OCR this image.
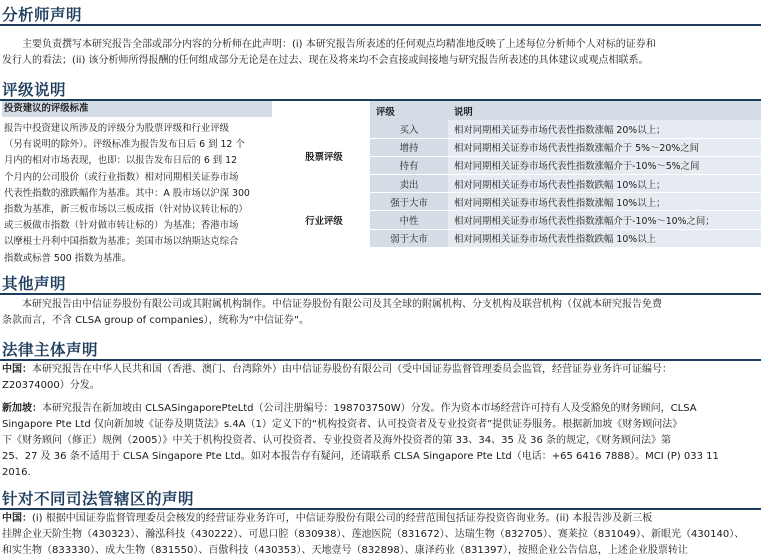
分析师声明
主要负责撰写本研究报告全部或部分内容的分析师在此声明：(i) 本研究报告所表述的任何观点均精准地反映了上述每位分析师个人对标的证券和
发行人的看法；(ii) 该分析师所得报酬的任何组成部分无论是在过去、现在及将来均不会直接或间接地与研究报告所表述的具体建议或观点相联系。
评级说明
投资建议的评级标准
报告中投资建议所涉及的评级分为股票评级和行业评级
（另有说明的除外）。评级标准为报告发布日后 6 到 12 个
月内的相对市场表现，也即：以报告发布日后的 6 到 12
个月内的公司股价（或行业指数）相对同期相关证券市场
代表性指数的涨跌幅作为基准。其中：A 股市场以沪深 300
指数为基准，新三板市场以三板成指（针对协议转让标的）
或三板做市指数（针对做市转让标的）为基准；香港市场
以摩根士丹利中国指数为基准；美国市场以纳斯达克综合
指数或标普 500 指数为基准。
	评级	说明
股票评级	买入	相对同期相关证券市场代表性指数涨幅 20%以上；
	增持	相对同期相关证券市场代表性指数涨幅介于 5%～20%之间
	持有	相对同期相关证券市场代表性指数涨幅介于-10%～5%之间
	卖出	相对同期相关证券市场代表性指数跌幅 10%以上；
行业评级	强于大市	相对同期相关证券市场代表性指数涨幅 10%以上；
	中性	相对同期相关证券市场代表性指数涨幅介于-10%～10%之间；
	弱于大市	相对同期相关证券市场代表性指数跌幅 10%以上
其他声明
本研究报告由中信证券股份有限公司或其附属机构制作。中信证券股份有限公司及其全球的附属机构、分支机构及联营机构（仅就本研究报告免费
条款而言，不含 CLSA group of companies），统称为“中信证券”。
法律主体声明
中国：本研究报告在中华人民共和国（香港、澳门、台湾除外）由中信证券股份有限公司（受中国证券监督管理委员会监管，经营证券业务许可证编号：
Z20374000）分发。
新加坡：本研究报告在新加坡由 CLSASingaporePteLtd（公司注册编号：198703750W）分发。作为资本市场经营许可持有人及受豁免的财务顾问，CLSA
Singapore Pte Ltd 仅向新加坡《证券及期货法》s.4A（1）定义下的“机构投资者、认可投资者及专业投资者”提供证券服务。根据新加坡《财务顾问法》
下《财务顾问（修正）规例（2005）》中关于机构投资者、认可投资者、专业投资者及海外投资者的第 33、34、35 及 36 条的规定，《财务顾问法》第
25、27 及 36 条不适用于 CLSA Singapore Pte Ltd。如对本报告存有疑问，还请联系 CLSA Singapore Pte Ltd（电话：+65 6416 7888）。MCI (P) 033 11
2016.
针对不同司法管辖区的声明
中国：(i) 根据中国证券监督管理委员会核发的经营证券业务许可，中信证券股份有限公司的经营范围包括证券投资咨询业务。(ii) 本报告涉及新三板
挂牌企业天阶生物（430323）、瀚泓科技（430222）、可恩口腔（830938）、莲池医院（831672）、达瑞生物（832705）、赛莱拉（831049）、新眼光（430140）、
和实生物（833330）、成大生物（831550）、百傲科技（430353）、天地壹号（832898）、康泽药业（831397），按照企业公告信息，上述企业股票转让
